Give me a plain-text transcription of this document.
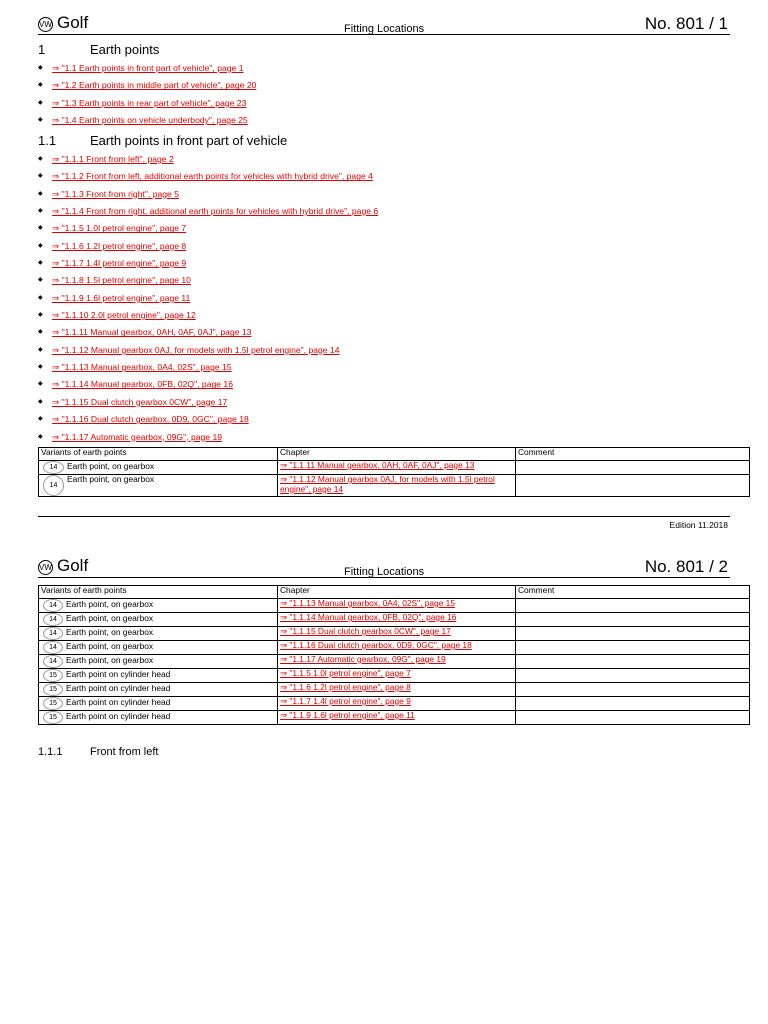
VW Golf	Fitting Locations	No. 801 / 1
1	Earth points
◆ ⇒ "1.1 Earth points in front part of vehicle", page 1
◆ ⇒ "1.2 Earth points in middle part of vehicle", page 20
◆ ⇒ "1.3 Earth points in rear part of vehicle", page 23
◆ ⇒ "1.4 Earth points on vehicle underbody", page 25
1.1	Earth points in front part of vehicle
◆ ⇒ "1.1.1 Front from left", page 2
◆ ⇒ "1.1.2 Front from left, additional earth points for vehicles with hybrid drive", page 4
◆ ⇒ "1.1.3 Front from right", page 5
◆ ⇒ "1.1.4 Front from right, additional earth points for vehicles with hybrid drive", page 6
◆ ⇒ "1.1.5 1.0l petrol engine", page 7
◆ ⇒ "1.1.6 1.2l petrol engine", page 8
◆ ⇒ "1.1.7 1.4l petrol engine", page 9
◆ ⇒ "1.1.8 1.5l petrol engine", page 10
◆ ⇒ "1.1.9 1.6l petrol engine", page 11
◆ ⇒ "1.1.10 2.0l petrol engine", page 12
◆ ⇒ "1.1.11 Manual gearbox, 0AH, 0AF, 0AJ", page 13
◆ ⇒ "1.1.12 Manual gearbox 0AJ, for models with 1.5l petrol engine", page 14
◆ ⇒ "1.1.13 Manual gearbox, 0A4, 02S", page 15
◆ ⇒ "1.1.14 Manual gearbox, 0FB, 02Q", page 16
◆ ⇒ "1.1.15 Dual clutch gearbox 0CW", page 17
◆ ⇒ "1.1.16 Dual clutch gearbox, 0D9, 0GC", page 18
◆ ⇒ "1.1.17 Automatic gearbox, 09G", page 19
Variants of earth points	Chapter	Comment
14 Earth point, on gearbox	⇒ "1.1.11 Manual gearbox, 0AH, 0AF, 0AJ", page 13	
14Earth point, on gearbox	⇒ "1.1.12 Manual gearbox 0AJ, for models with 1.5l petrol engine", page 14	
Edition 11.2018
VW Golf	Fitting Locations	No. 801 / 2
Variants of earth points	Chapter	Comment
14 Earth point, on gearbox	⇒ "1.1.13 Manual gearbox, 0A4, 02S", page 15	
14 Earth point, on gearbox	⇒ "1.1.14 Manual gearbox, 0FB, 02Q", page 16	
14 Earth point, on gearbox	⇒ "1.1.15 Dual clutch gearbox 0CW", page 17	
14 Earth point, on gearbox	⇒ "1.1.16 Dual clutch gearbox, 0D9, 0GC", page 18	
14 Earth point, on gearbox	⇒ "1.1.17 Automatic gearbox, 09G", page 19	
15 Earth point on cylinder head	⇒ "1.1.5 1.0l petrol engine", page 7	
15 Earth point on cylinder head	⇒ "1.1.6 1.2l petrol engine", page 8	
15 Earth point on cylinder head	⇒ "1.1.7 1.4l petrol engine", page 9	
15 Earth point on cylinder head	⇒ "1.1.9 1.6l petrol engine", page 11	
1.1.1	Front from left
